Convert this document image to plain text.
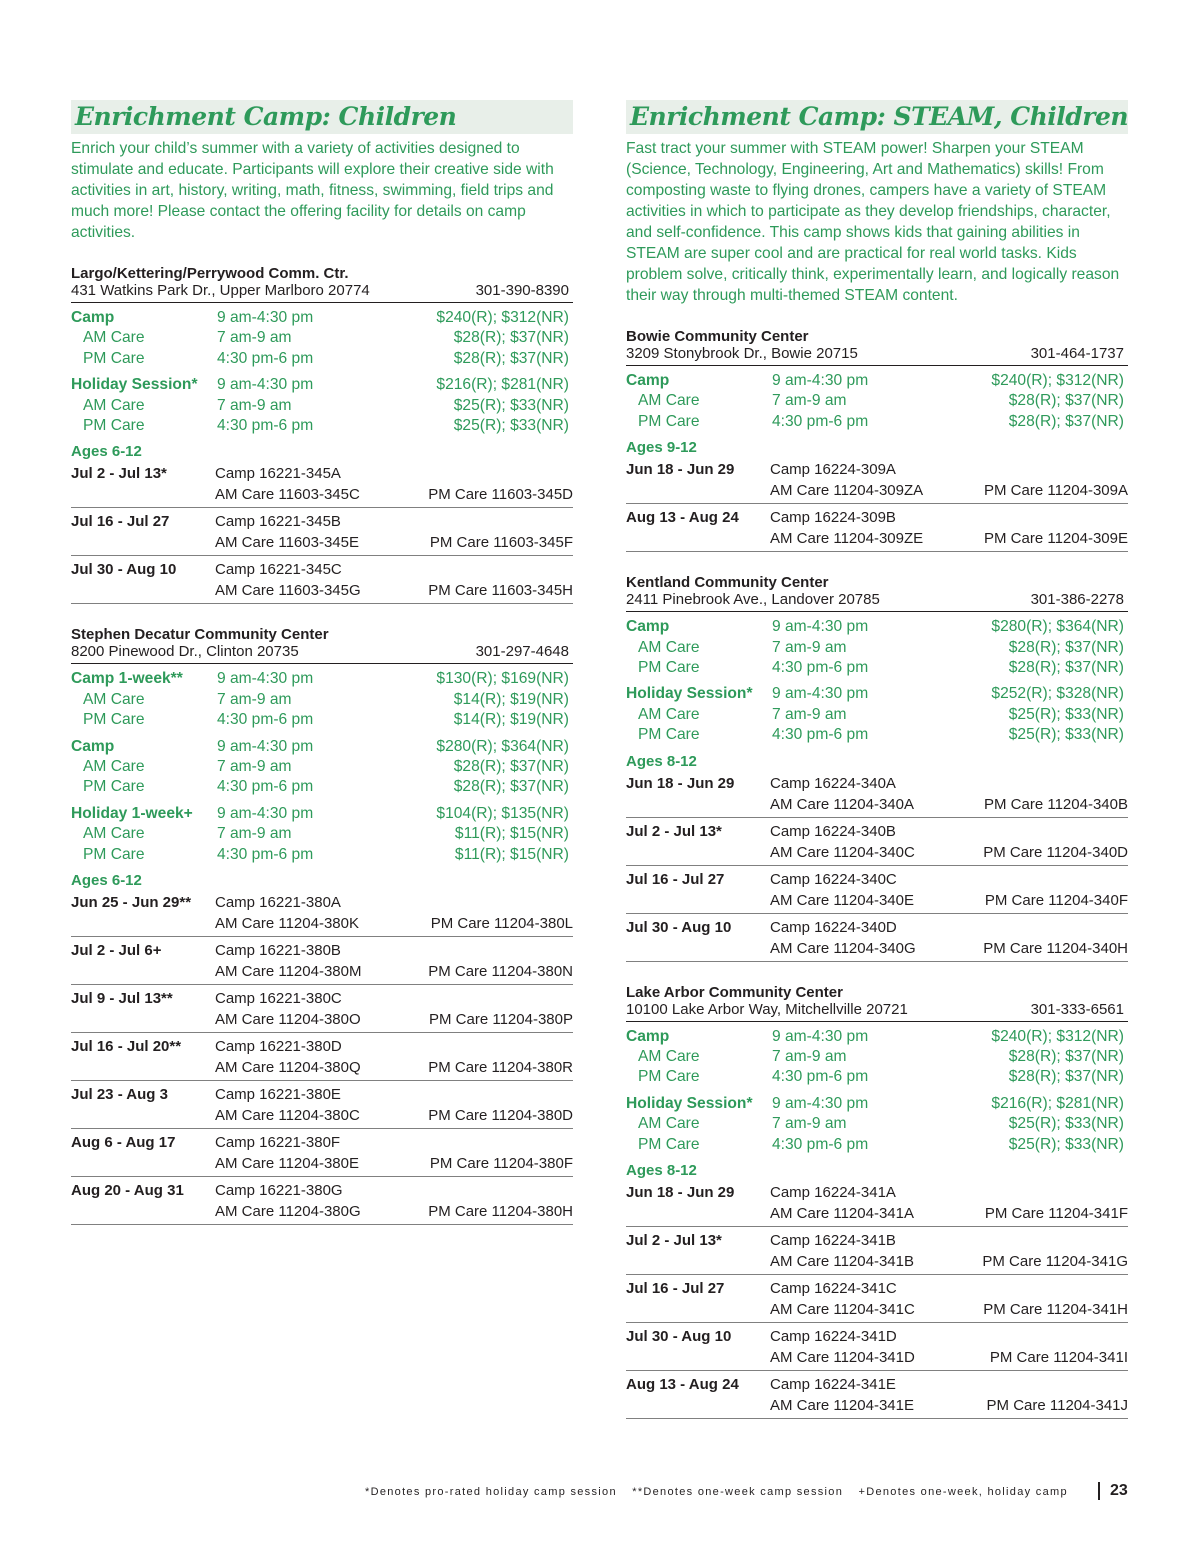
Enrichment Camp: Children
Enrich your child’s summer with a variety of activities designed to stimulate and educate. Participants will explore their creative side with activities in art, history, writing, math, fitness, swimming, field trips and much more! Please contact the offering facility for details on camp activities.
Largo/Kettering/Perrywood Comm. Ctr.
431 Watkins Park Dr., Upper Marlboro 20774	301-390-8390
Camp	9 am-4:30 pm	$240(R); $312(NR)
AM Care	7 am-9 am	$28(R); $37(NR)
PM Care	4:30 pm-6 pm	$28(R); $37(NR)
Holiday Session*	9 am-4:30 pm	$216(R); $281(NR)
AM Care	7 am-9 am	$25(R); $33(NR)
PM Care	4:30 pm-6 pm	$25(R); $33(NR)
Ages 6-12
Jul 2 - Jul 13*	Camp 16221-345A
AM Care 11603-345C	PM Care 11603-345D
Jul 16 - Jul 27	Camp 16221-345B
AM Care 11603-345E	PM Care 11603-345F
Jul 30 - Aug 10	Camp 16221-345C
AM Care 11603-345G	PM Care 11603-345H
Stephen Decatur Community Center
8200 Pinewood Dr., Clinton 20735	301-297-4648
Camp 1-week**	9 am-4:30 pm	$130(R); $169(NR)
AM Care	7 am-9 am	$14(R); $19(NR)
PM Care	4:30 pm-6 pm	$14(R); $19(NR)
Camp	9 am-4:30 pm	$280(R); $364(NR)
AM Care	7 am-9 am	$28(R); $37(NR)
PM Care	4:30 pm-6 pm	$28(R); $37(NR)
Holiday 1-week+	9 am-4:30 pm	$104(R); $135(NR)
AM Care	7 am-9 am	$11(R); $15(NR)
PM Care	4:30 pm-6 pm	$11(R); $15(NR)
Ages 6-12
Jun 25 - Jun 29**	Camp 16221-380A
AM Care 11204-380K	PM Care 11204-380L
Jul 2 - Jul 6+	Camp 16221-380B
AM Care 11204-380M	PM Care 11204-380N
Jul 9 - Jul 13**	Camp 16221-380C
AM Care 11204-380O	PM Care 11204-380P
Jul 16 - Jul 20**	Camp 16221-380D
AM Care 11204-380Q	PM Care 11204-380R
Jul 23 - Aug 3	Camp 16221-380E
AM Care 11204-380C	PM Care 11204-380D
Aug 6 - Aug 17	Camp 16221-380F
AM Care 11204-380E	PM Care 11204-380F
Aug 20 - Aug 31	Camp 16221-380G
AM Care 11204-380G	PM Care 11204-380H
Enrichment Camp: STEAM, Children
Fast tract your summer with STEAM power! Sharpen your STEAM (Science, Technology, Engineering, Art and Mathematics) skills! From composting waste to flying drones, campers have a variety of STEAM activities in which to participate as they develop friendships, character, and self-confidence. This camp shows kids that gaining abilities in STEAM are super cool and are practical for real world tasks. Kids problem solve, critically think, experimentally learn, and logically reason their way through multi-themed STEAM content.
Bowie Community Center
3209 Stonybrook Dr., Bowie 20715	301-464-1737
Camp	9 am-4:30 pm	$240(R); $312(NR)
AM Care	7 am-9 am	$28(R); $37(NR)
PM Care	4:30 pm-6 pm	$28(R); $37(NR)
Ages 9-12
Jun 18 - Jun 29	Camp 16224-309A
AM Care 11204-309ZA	PM Care 11204-309A
Aug 13 - Aug 24	Camp 16224-309B
AM Care 11204-309ZE	PM Care 11204-309E
Kentland Community Center
2411 Pinebrook Ave., Landover 20785	301-386-2278
Camp	9 am-4:30 pm	$280(R); $364(NR)
AM Care	7 am-9 am	$28(R); $37(NR)
PM Care	4:30 pm-6 pm	$28(R); $37(NR)
Holiday Session*	9 am-4:30 pm	$252(R); $328(NR)
AM Care	7 am-9 am	$25(R); $33(NR)
PM Care	4:30 pm-6 pm	$25(R); $33(NR)
Ages 8-12
Jun 18 - Jun 29	Camp 16224-340A
AM Care 11204-340A	PM Care 11204-340B
Jul 2 - Jul 13*	Camp 16224-340B
AM Care 11204-340C	PM Care 11204-340D
Jul 16 - Jul 27	Camp 16224-340C
AM Care 11204-340E	PM Care 11204-340F
Jul 30 - Aug 10	Camp 16224-340D
AM Care 11204-340G	PM Care 11204-340H
Lake Arbor Community Center
10100 Lake Arbor Way, Mitchellville 20721	301-333-6561
Camp	9 am-4:30 pm	$240(R); $312(NR)
AM Care	7 am-9 am	$28(R); $37(NR)
PM Care	4:30 pm-6 pm	$28(R); $37(NR)
Holiday Session*	9 am-4:30 pm	$216(R); $281(NR)
AM Care	7 am-9 am	$25(R); $33(NR)
PM Care	4:30 pm-6 pm	$25(R); $33(NR)
Ages 8-12
Jun 18 - Jun 29	Camp 16224-341A
AM Care 11204-341A	PM Care 11204-341F
Jul 2 - Jul 13*	Camp 16224-341B
AM Care 11204-341B	PM Care 11204-341G
Jul 16 - Jul 27	Camp 16224-341C
AM Care 11204-341C	PM Care 11204-341H
Jul 30 - Aug 10	Camp 16224-341D
AM Care 11204-341D	PM Care 11204-341I
Aug 13 - Aug 24	Camp 16224-341E
AM Care 11204-341E	PM Care 11204-341J
*Denotes pro-rated holiday camp session **Denotes one-week camp session +Denotes one-week, holiday camp	23
